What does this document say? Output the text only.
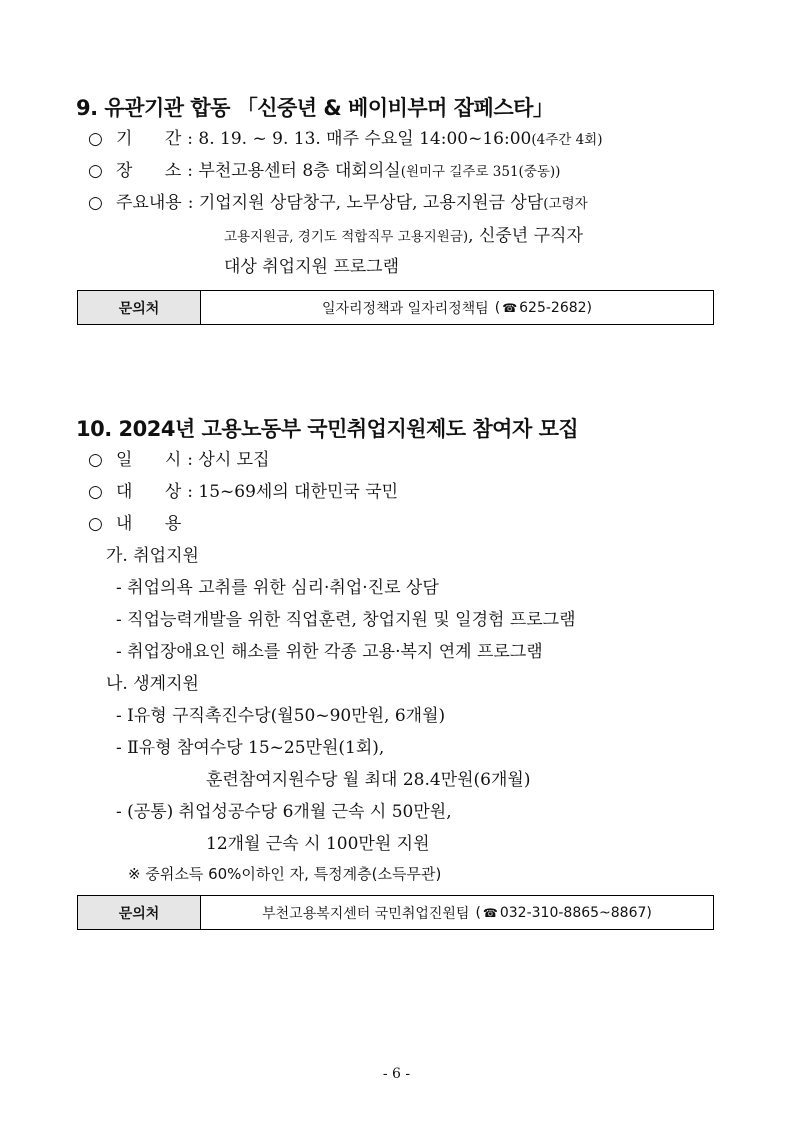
9. 유관기관 합동 「신중년 & 베이비부머 잡페스타」
○ 기      간 : 8. 19. ~ 9. 13. 매주 수요일 14:00~16:00(4주간 4회)
○ 장      소 : 부천고용센터 8층 대회의실(원미구 길주로 351(중동))
○ 주요내용 : 기업지원 상담창구, 노무상담, 고용지원금 상담(고령자
고용지원금, 경기도 적합직무 고용지원금), 신중년 구직자
대상 취업지원 프로그램
문의처	일자리정책과 일자리정책팀 ( ☎ 625-2682 )
10. 2024년 고용노동부 국민취업지원제도 참여자 모집
○ 일      시 : 상시 모집
○ 대      상 : 15~69세의 대한민국 국민
○ 내      용
가. 취업지원
- 취업의욕 고취를 위한 심리·취업·진로 상담
- 직업능력개발을 위한 직업훈련, 창업지원 및 일경험 프로그램
- 취업장애요인 해소를 위한 각종 고용·복지 연계 프로그램
나. 생계지원
- Ⅰ유형 구직촉진수당(월50~90만원, 6개월)
- Ⅱ유형 참여수당 15~25만원(1회),
훈련참여지원수당 월 최대 28.4만원(6개월)
- (공통) 취업성공수당 6개월 근속 시 50만원,
12개월 근속 시 100만원 지원
※ 중위소득 60%이하인 자, 특정계층(소득무관)
문의처	부천고용복지센터 국민취업진원팀 ( ☎ 032-310-8865~8867 )
- 6 -
